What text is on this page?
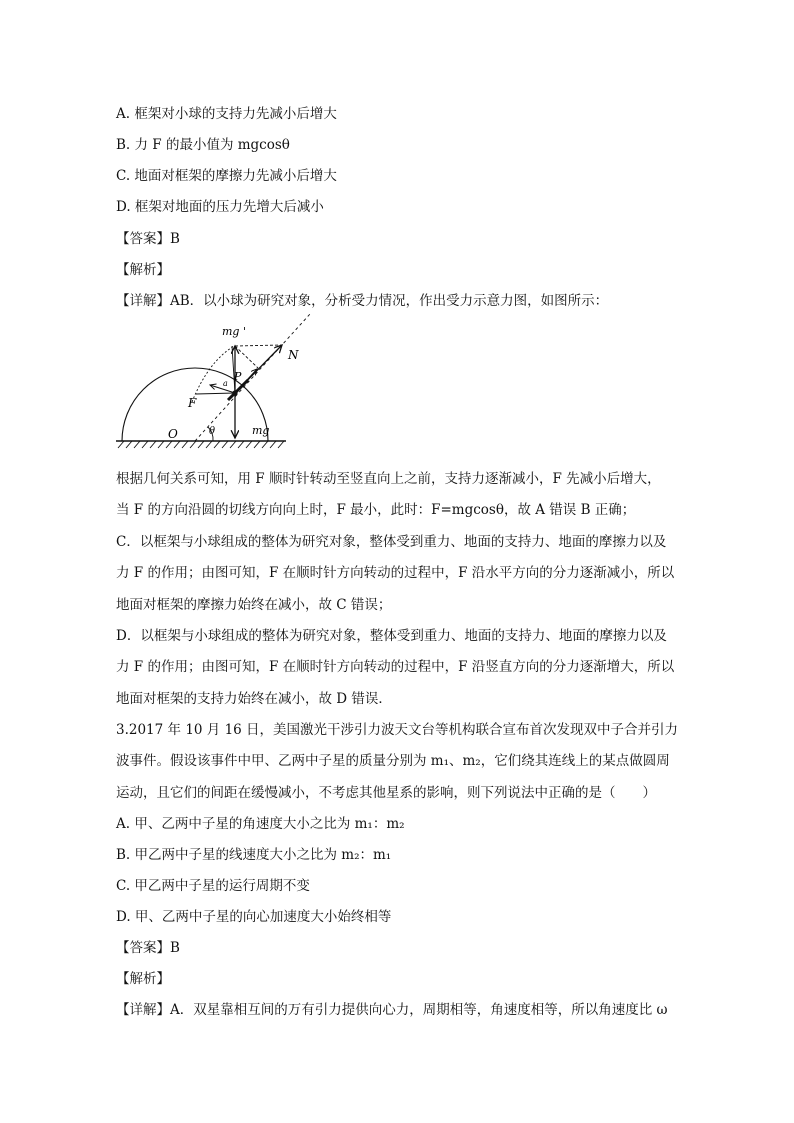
A. 框架对小球的支持力先减小后增大
B. 力 F 的最小值为 mgcosθ
C. 地面对框架的摩擦力先减小后增大
D. 框架对地面的压力先增大后减小
【答案】B
【解析】
【详解】AB．以小球为研究对象，分析受力情况，作出受力示意力图，如图所示：
mg '
N
P
a
F
O	θ	mg
根据几何关系可知，用 F 顺时针转动至竖直向上之前，支持力逐渐减小，F 先减小后增大，
当 F 的方向沿圆的切线方向向上时，F 最小，此时：F=mgcosθ，故 A 错误 B 正确；
C．以框架与小球组成的整体为研究对象，整体受到重力、地面的支持力、地面的摩擦力以及
力 F 的作用；由图可知，F 在顺时针方向转动的过程中，F 沿水平方向的分力逐渐减小，所以
地面对框架的摩擦力始终在减小，故 C 错误；
D．以框架与小球组成的整体为研究对象，整体受到重力、地面的支持力、地面的摩擦力以及
力 F 的作用；由图可知，F 在顺时针方向转动的过程中，F 沿竖直方向的分力逐渐增大，所以
地面对框架的支持力始终在减小，故 D 错误．
3.2017 年 10 月 16 日，美国激光干涉引力波天文台等机构联合宣布首次发现双中子合并引力
波事件。假设该事件中甲、乙两中子星的质量分别为 m₁、m₂，它们绕其连线上的某点做圆周
运动，且它们的间距在缓慢减小，不考虑其他星系的影响，则下列说法中正确的是（　　）
A. 甲、乙两中子星的角速度大小之比为 m₁：m₂
B. 甲乙两中子星的线速度大小之比为 m₂：m₁
C. 甲乙两中子星的运行周期不变
D. 甲、乙两中子星的向心加速度大小始终相等
【答案】B
【解析】
【详解】A．双星靠相互间的万有引力提供向心力，周期相等，角速度相等，所以角速度比 ω
